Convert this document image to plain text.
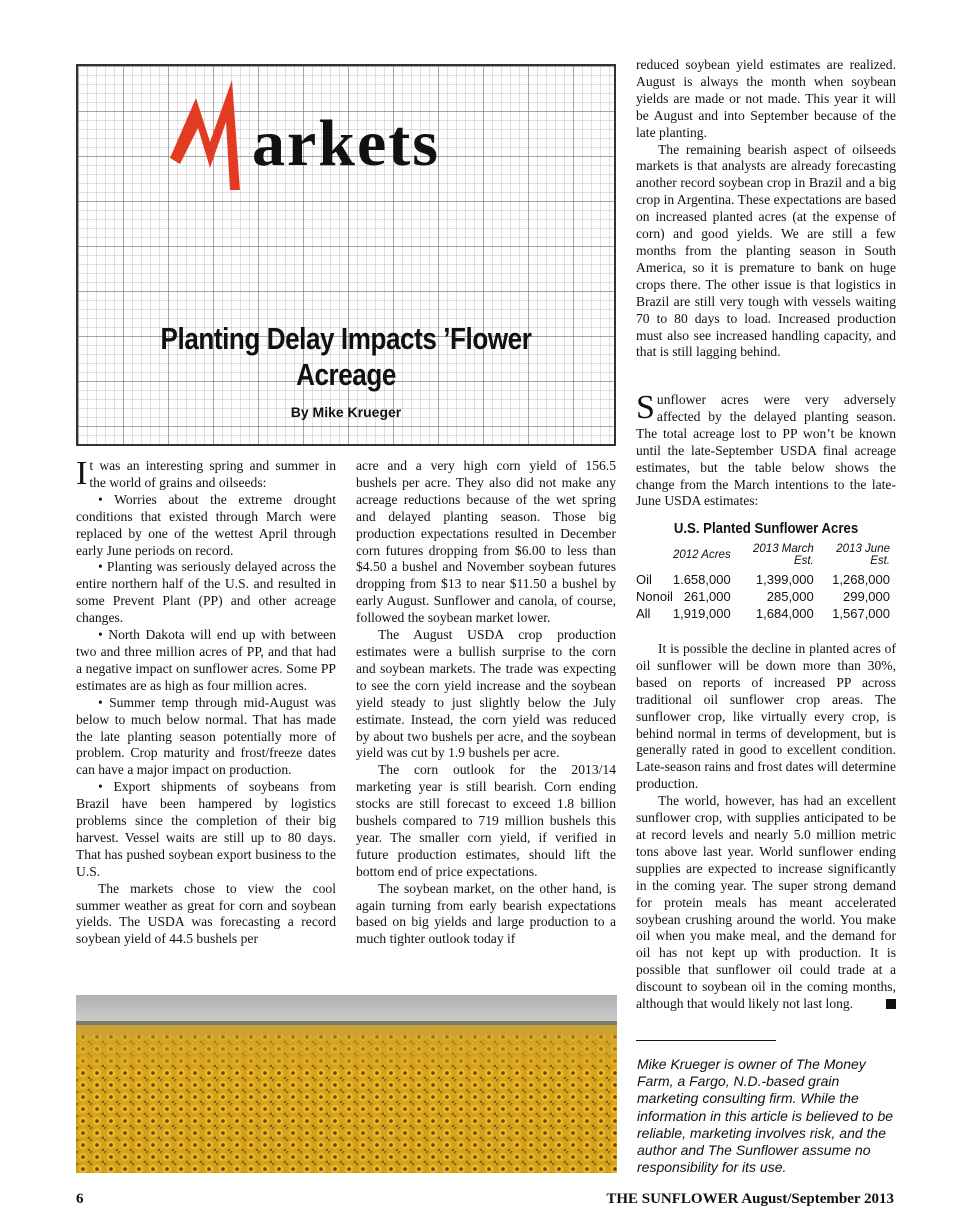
arkets
Planting Delay Impacts ’Flower Acreage
By Mike Krueger

It was an interesting spring and summer in the world of grains and oilseeds:

• Worries about the extreme drought conditions that existed through March were replaced by one of the wettest April through early June periods on record.

• Planting was seriously delayed across the entire northern half of the U.S. and resulted in some Prevent Plant (PP) and other acreage changes.

• North Dakota will end up with between two and three million acres of PP, and that had a negative impact on sunflower acres. Some PP estimates are as high as four million acres.

• Summer temp through mid-August was below to much below normal. That has made the late planting season potentially more of problem. Crop maturity and frost/freeze dates can have a major impact on production.

• Export shipments of soybeans from Brazil have been hampered by logistics problems since the completion of their big harvest. Vessel waits are still up to 80 days. That has pushed soybean export business to the U.S.

The markets chose to view the cool summer weather as great for corn and soybean yields. The USDA was forecasting a record soybean yield of 44.5 bushels per

acre and a very high corn yield of 156.5 bushels per acre. They also did not make any acreage reductions because of the wet spring and delayed planting season. Those big production expectations resulted in December corn futures dropping from $6.00 to less than $4.50 a bushel and November soybean futures dropping from $13 to near $11.50 a bushel by early August. Sunflower and canola, of course, followed the soybean market lower.

The August USDA crop production estimates were a bullish surprise to the corn and soybean markets. The trade was expecting to see the corn yield increase and the soybean yield steady to just slightly below the July estimate. Instead, the corn yield was reduced by about two bushels per acre, and the soybean yield was cut by 1.9 bushels per acre.

The corn outlook for the 2013/14 marketing year is still bearish. Corn ending stocks are still forecast to exceed 1.8 billion bushels compared to 719 million bushels this year. The smaller corn yield, if verified in future production estimates, should lift the bottom end of price expectations.

The soybean market, on the other hand, is again turning from early bearish expectations based on big yields and large production to a much tighter outlook today if

reduced soybean yield estimates are realized. August is always the month when soybean yields are made or not made. This year it will be August and into September because of the late planting.

The remaining bearish aspect of oilseeds markets is that analysts are already forecasting another record soybean crop in Brazil and a big crop in Argentina. These expectations are based on increased planted acres (at the expense of corn) and good yields. We are still a few months from the planting season in South America, so it is premature to bank on huge crops there. The other issue is that logistics in Brazil are still very tough with vessels waiting 70 to 80 days to load. Increased production must also see increased handling capacity, and that is still lagging behind.

Sunflower acres were very adversely affected by the delayed planting season. The total acreage lost to PP won’t be known until the late-September USDA final acreage estimates, but the table below shows the change from the March intentions to the late-June USDA estimates:

U.S. Planted Sunflower Acres
	2012 Acres	2013 March Est.	2013 June Est.
Oil	1.658,000	1,399,000	1,268,000
Nonoil	261,000	285,000	299,000
All	1,919,000	1,684,000	1,567,000

It is possible the decline in planted acres of oil sunflower will be down more than 30%, based on reports of increased PP across traditional oil sunflower crop areas. The sunflower crop, like virtually every crop, is behind normal in terms of development, but is generally rated in good to excellent condition. Late-season rains and frost dates will determine production.

The world, however, has had an excellent sunflower crop, with supplies anticipated to be at record levels and nearly 5.0 million metric tons above last year. World sunflower ending supplies are expected to increase significantly in the coming year. The super strong demand for protein meals has meant accelerated soybean crushing around the world. You make oil when you make meal, and the demand for oil has not kept up with production. It is possible that sunflower oil could trade at a discount to soybean oil in the coming months, although that would likely not last long.

Mike Krueger is owner of The Money Farm, a Fargo, N.D.-based grain marketing consulting firm. While the information in this article is believed to be reliable, marketing involves risk, and the author and The Sunflower assume no responsibility for its use.
6	THE SUNFLOWER August/September 2013
